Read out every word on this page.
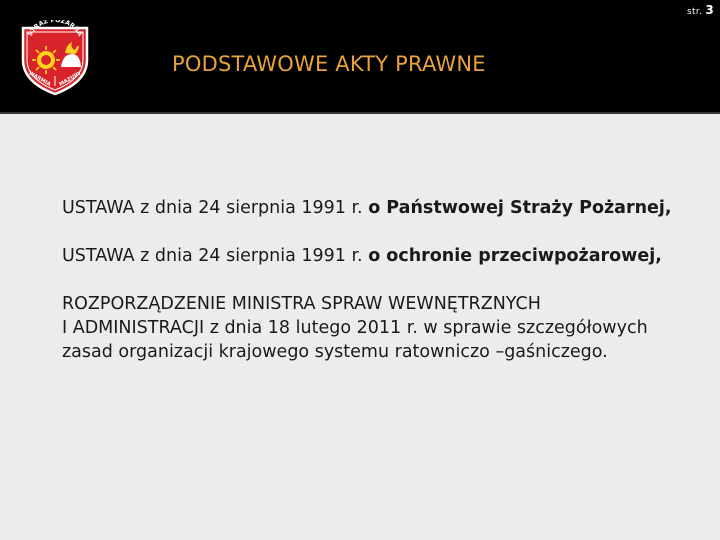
str. 3
STRAŻ POŻARNA
WARMIA MAZURY
PODSTAWOWE AKTY PRAWNE

USTAWA z dnia 24 sierpnia 1991 r. o Państwowej Straży Pożarnej,

USTAWA z dnia 24 sierpnia 1991 r. o ochronie przeciwpożarowej,

ROZPORZĄDZENIE MINISTRA SPRAW WEWNĘTRZNYCH
I ADMINISTRACJI z dnia 18 lutego 2011 r. w sprawie szczegółowych zasad organizacji krajowego systemu ratowniczo –gaśniczego.
